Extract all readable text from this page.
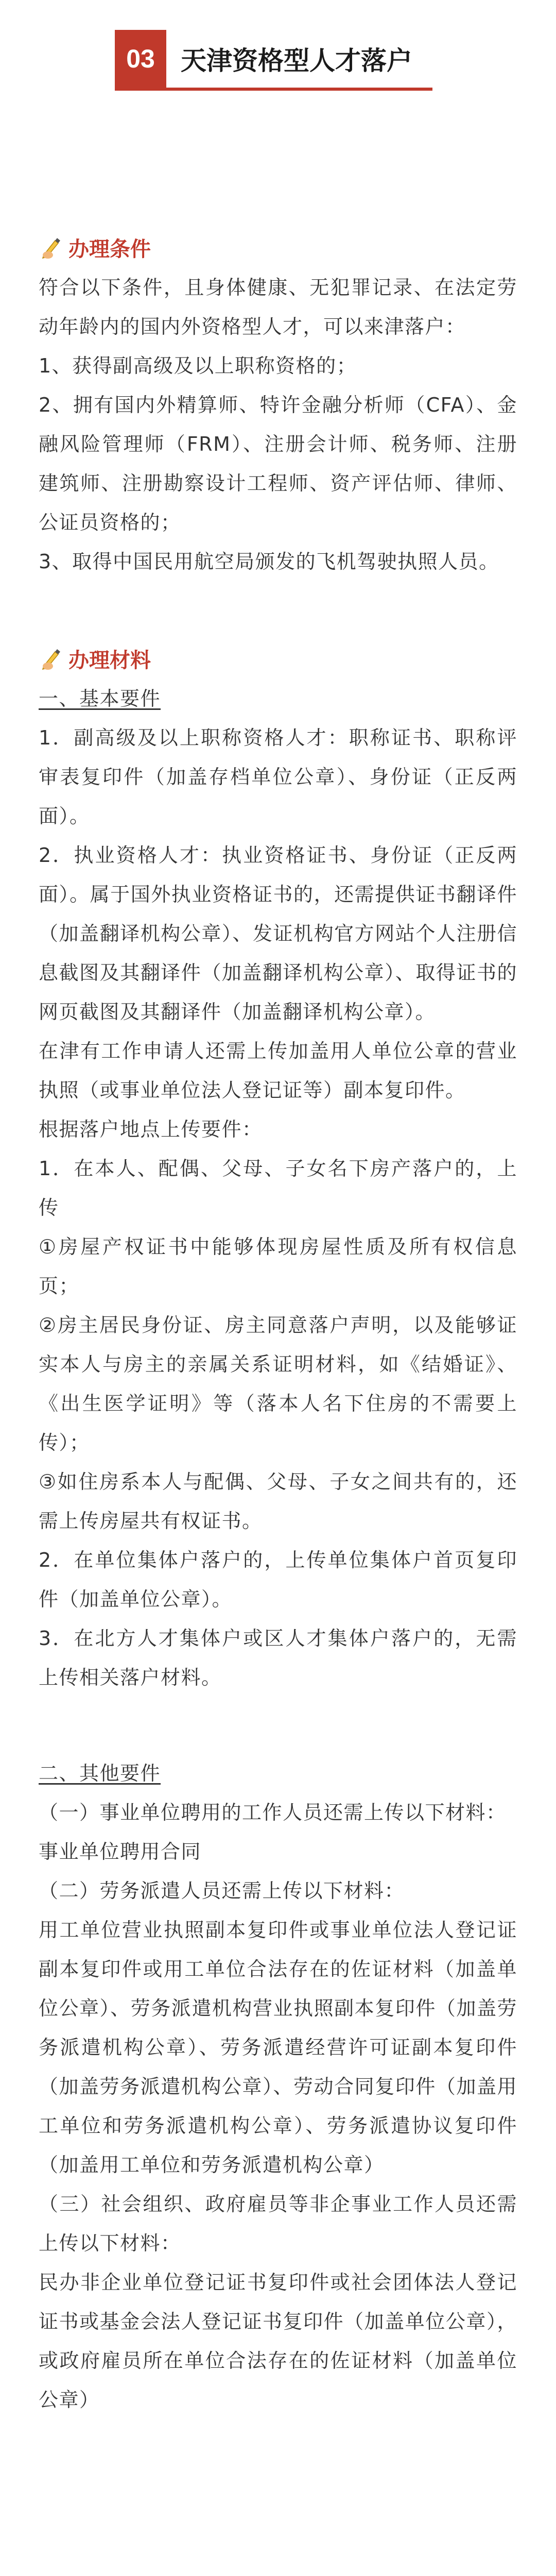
03	天津资格型人才落户
办理条件
符合以下条件，且身体健康、无犯罪记录、在法定劳动年龄内的国内外资格型人才，可以来津落户：
1、获得副高级及以上职称资格的；
2、拥有国内外精算师、特许金融分析师（CFA）、金融风险管理师（FRM）、注册会计师、税务师、注册建筑师、注册勘察设计工程师、资产评估师、律师、公证员资格的；
3、取得中国民用航空局颁发的飞机驾驶执照人员。
办理材料
一、基本要件
1．副高级及以上职称资格人才：职称证书、职称评审表复印件（加盖存档单位公章）、身份证（正反两面）。
2．执业资格人才：执业资格证书、身份证（正反两面）。属于国外执业资格证书的，还需提供证书翻译件（加盖翻译机构公章）、发证机构官方网站个人注册信息截图及其翻译件（加盖翻译机构公章）、取得证书的网页截图及其翻译件（加盖翻译机构公章）。
在津有工作申请人还需上传加盖用人单位公章的营业执照（或事业单位法人登记证等）副本复印件。
根据落户地点上传要件：
1．在本人、配偶、父母、子女名下房产落户的，上传
①房屋产权证书中能够体现房屋性质及所有权信息页；
②房主居民身份证、房主同意落户声明，以及能够证实本人与房主的亲属关系证明材料，如《结婚证》、《出生医学证明》等（落本人名下住房的不需要上传）；
③如住房系本人与配偶、父母、子女之间共有的，还需上传房屋共有权证书。
2．在单位集体户落户的，上传单位集体户首页复印件（加盖单位公章）。
3．在北方人才集体户或区人才集体户落户的，无需上传相关落户材料。
二、其他要件
（一）事业单位聘用的工作人员还需上传以下材料：
事业单位聘用合同
（二）劳务派遣人员还需上传以下材料：
用工单位营业执照副本复印件或事业单位法人登记证副本复印件或用工单位合法存在的佐证材料（加盖单位公章）、劳务派遣机构营业执照副本复印件（加盖劳务派遣机构公章）、劳务派遣经营许可证副本复印件（加盖劳务派遣机构公章）、劳动合同复印件（加盖用工单位和劳务派遣机构公章）、劳务派遣协议复印件（加盖用工单位和劳务派遣机构公章）
（三）社会组织、政府雇员等非企事业工作人员还需上传以下材料：
民办非企业单位登记证书复印件或社会团体法人登记证书或基金会法人登记证书复印件（加盖单位公章），或政府雇员所在单位合法存在的佐证材料（加盖单位公章）
